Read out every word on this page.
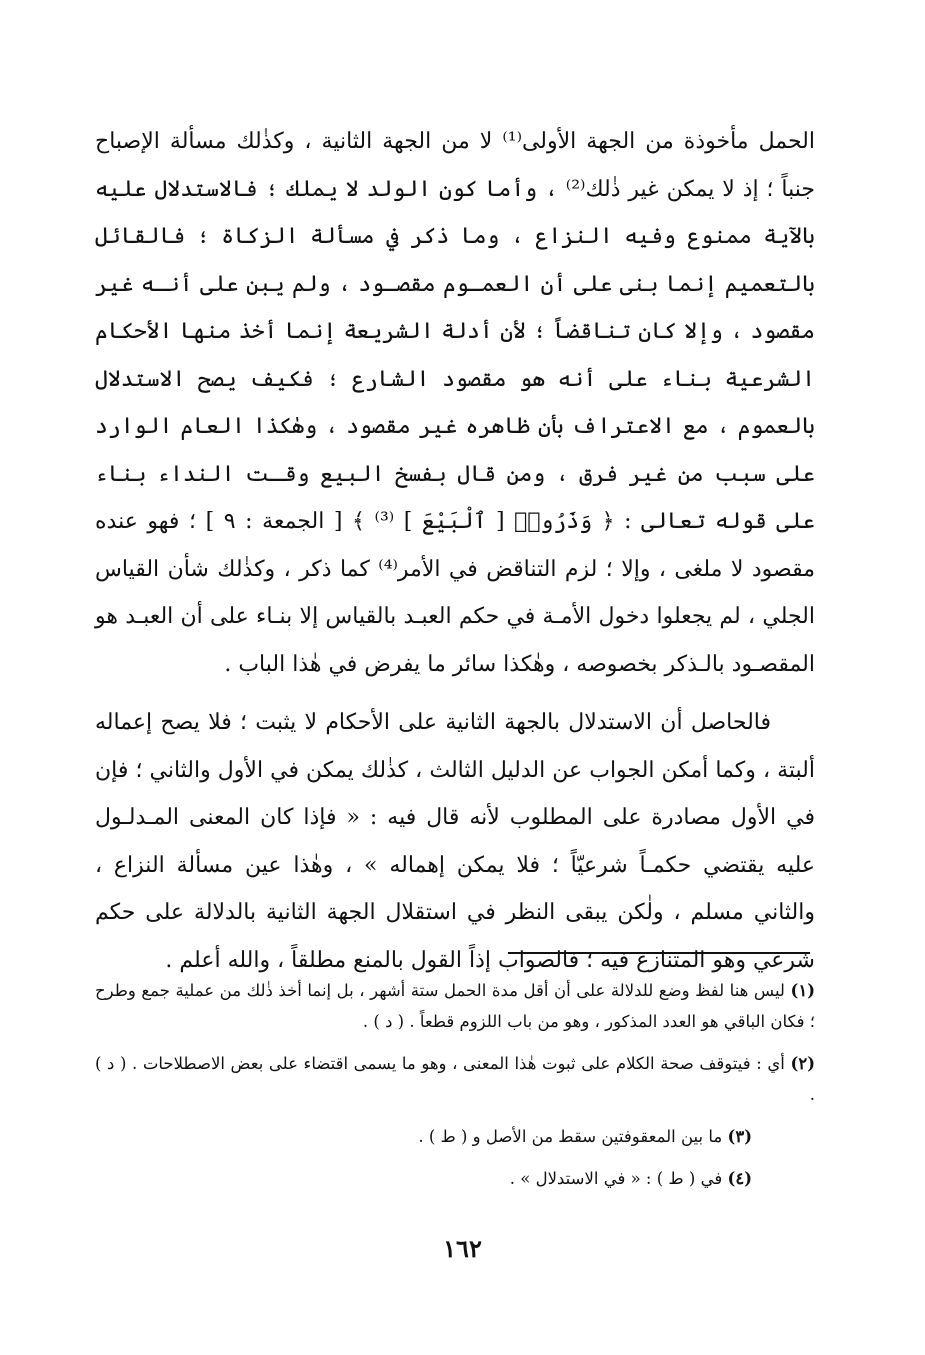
الحمل مأخوذة من الجهة الأولى⁽¹⁾ لا من الجهة الثانية ، وكذٰلك مسألة الإصباح جنباً ؛ إذ لا يمكن غير ذٰلك⁽²⁾ ، وأما كون الولد لا يملك ؛ فالاستدلال عليه بالآية ممنوع وفيه النزاع ، وما ذكر في مسألة الزكاة ؛ فالقائل بالتعميم إنما بنى على أن العمـوم مقصـود ، ولم يبن على أنـه غير مقصود ، وإلا كان تناقضاً ؛ لأن أدلة الشريعة إنما أخذ منها الأحكام الشرعية بناء على أنه هو مقصود الشارع ؛ فكيف يصح الاستدلال بالعموم ، مع الاعتراف بأن ظاهره غير مقصود ، وهٰكذا العام الوارد على سبب من غير فرق ، ومن قال بفسخ البيع وقـت النداء بناء على قوله تعالى : ﴿ وَذَرُوا۟ [ ٱلْبَيْعَ ] ⁽³⁾ ﴾ [ الجمعة : ٩ ] ؛ فهو عنده مقصود لا ملغى ، وإلا ؛ لزم التناقض في الأمر⁽⁴⁾ كما ذكر ، وكذٰلك شأن القياس الجلي ، لم يجعلوا دخول الأمـة في حكم العبـد بالقياس إلا بنـاء على أن العبـد هو المقصـود بالـذكر بخصوصه ، وهٰكذا سائر ما يفرض في هٰذا الباب .

فالحاصل أن الاستدلال بالجهة الثانية على الأحكام لا يثبت ؛ فلا يصح إعماله ألبتة ، وكما أمكن الجواب عن الدليل الثالث ، كذٰلك يمكن في الأول والثاني ؛ فإن في الأول مصادرة على المطلوب لأنه قال فيه : « فإذا كان المعنى المـدلـول عليه يقتضي حكمـاً شرعيّاً ؛ فلا يمكن إهماله » ، وهٰذا عين مسألة النزاع ، والثاني مسلم ، ولٰكن يبقى النظر في استقلال الجهة الثانية بالدلالة على حكم شرعي وهو المتنازع فيه ؛ فالصواب إذاً القول بالمنع مطلقاً ، والله أعلم .

(١) ليس هنا لفظ وضع للدلالة على أن أقل مدة الحمل ستة أشهر ، بل إنما أخذ ذٰلك من عملية جمع وطرح ؛ فكان الباقي هو العدد المذكور ، وهو من باب اللزوم قطعاً . ( د ) .

(٢) أي : فيتوقف صحة الكلام على ثبوت هٰذا المعنى ، وهو ما يسمى اقتضاء على بعض الاصطلاحات . ( د ) .

(٣) ما بين المعقوفتين سقط من الأصل و ( ط ) .

(٤) في ( ط ) : « في الاستدلال » .

١٦٢
